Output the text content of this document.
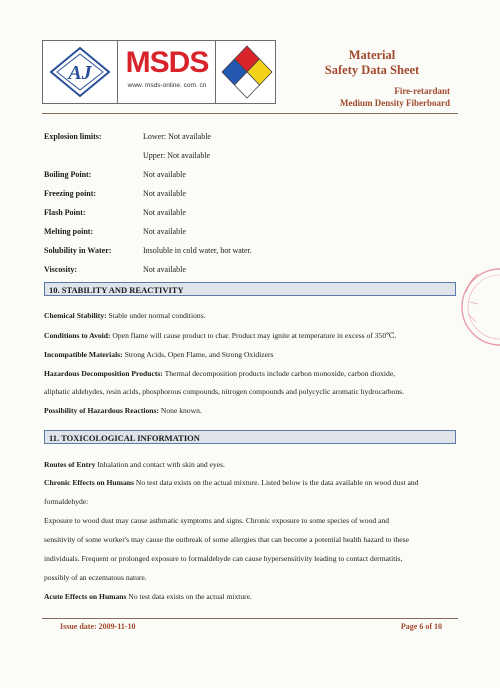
AJ MSDS
www. msds-online. com. cn
Material
Safety Data Sheet
Fire-retardant
Medium Density Fiberboard
Explosion limits:	Lower: Not available
Upper: Not available
Boiling Point:	Not available
Freezing point:	Not available
Flash Point:	Not available
Melting point:	Not available
Solubility in Water:	Insoluble in cold water, hot water.
Viscosity:	Not available
10. STABILITY AND REACTIVITY
Chemical Stability: Stable under normal conditions.
Conditions to Avoid: Open flame will cause product to char. Product may ignite at temperature in excess of 350℃.
Incompatible Materials: Strong Acids, Open Flame, and Strong Oxidizers
Hazardous Decomposition Products: Thermal decomposition products include carbon monoxide, carbon dioxide,
aliphatic aldehydes, resin acids, phosphorous compounds, nitrogen compounds and polycyclic aromatic hydrocarbons.
Possibility of Hazardous Reactions: None known.
11. TOXICOLOGICAL INFORMATION
Routes of Entry Inhalation and contact with skin and eyes.
Chronic Effects on Humans No test data exists on the actual mixture. Listed below is the data available on wood dust and
formaldehyde:
Exposure to wood dust may cause asthmatic symptoms and signs. Chronic exposure to some species of wood and
sensitivity of some worker's may cause the outbreak of some allergies that can become a potential health hazard to these
individuals. Frequent or prolonged exposure to formaldehyde can cause hypersensitivity leading to contact dermatitis,
possibly of an eczematous nature.
Acute Effects on Humans No test data exists on the actual mixture.
Issue date: 2009-11-10	Page 6 of 10
